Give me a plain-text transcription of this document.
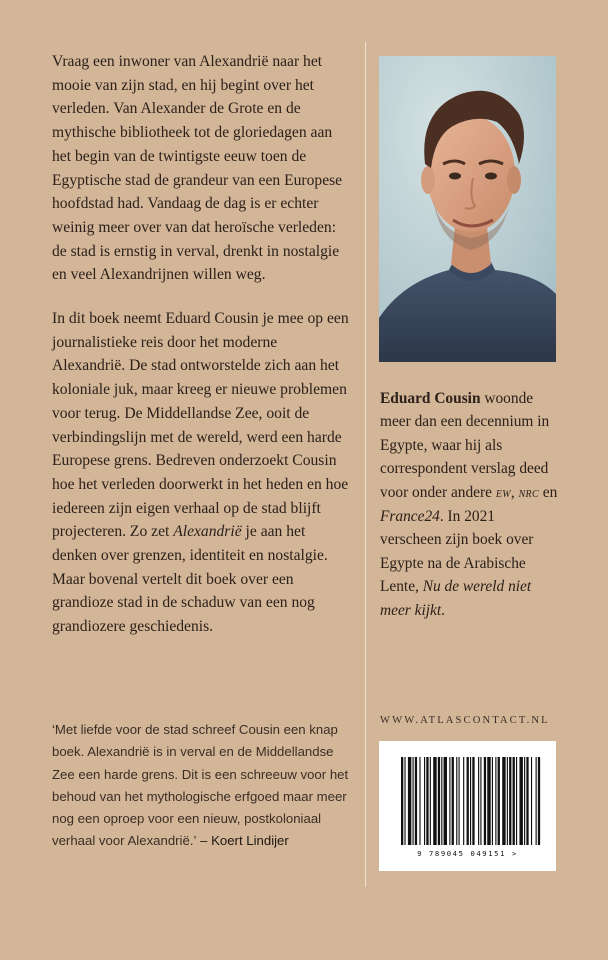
Vraag een inwoner van Alexandrië naar het mooie van zijn stad, en hij begint over het verleden. Van Alexander de Grote en de mythische bibliotheek tot de gloriedagen aan het begin van de twintigste eeuw toen de Egyptische stad de grandeur van een Europese hoofdstad had. Vandaag de dag is er echter weinig meer over van dat heroïsche verleden: de stad is ernstig in verval, drenkt in nostalgie en veel Alexandrijnen willen weg.

In dit boek neemt Eduard Cousin je mee op een journalistieke reis door het moderne Alexandrië. De stad ontworstelde zich aan het koloniale juk, maar kreeg er nieuwe problemen voor terug. De Middellandse Zee, ooit de verbindingslijn met de wereld, werd een harde Europese grens. Bedreven onderzoekt Cousin hoe het verleden doorwerkt in het heden en hoe iedereen zijn eigen verhaal op de stad blijft projecteren. Zo zet Alexandrië je aan het denken over grenzen, identiteit en nostalgie. Maar bovenal vertelt dit boek over een grandioze stad in de schaduw van een nog grandiozere geschiedenis.

‘Met liefde voor de stad schreef Cousin een knap boek. Alexandrië is in verval en de Middellandse Zee een harde grens. Dit is een schreeuw voor het behoud van het mythologische erfgoed maar meer nog een oproep voor een nieuw, postkoloniaal verhaal voor Alexandrië.’ – Koert Lindijer

Eduard Cousin woonde meer dan een decennium in Egypte, waar hij als correspondent verslag deed voor onder andere ew, nrc en France24. In 2021 verscheen zijn boek over Egypte na de Arabische Lente, Nu de wereld niet meer kijkt.

WWW.ATLASCONTACT.NL
9 789045 049151 >
